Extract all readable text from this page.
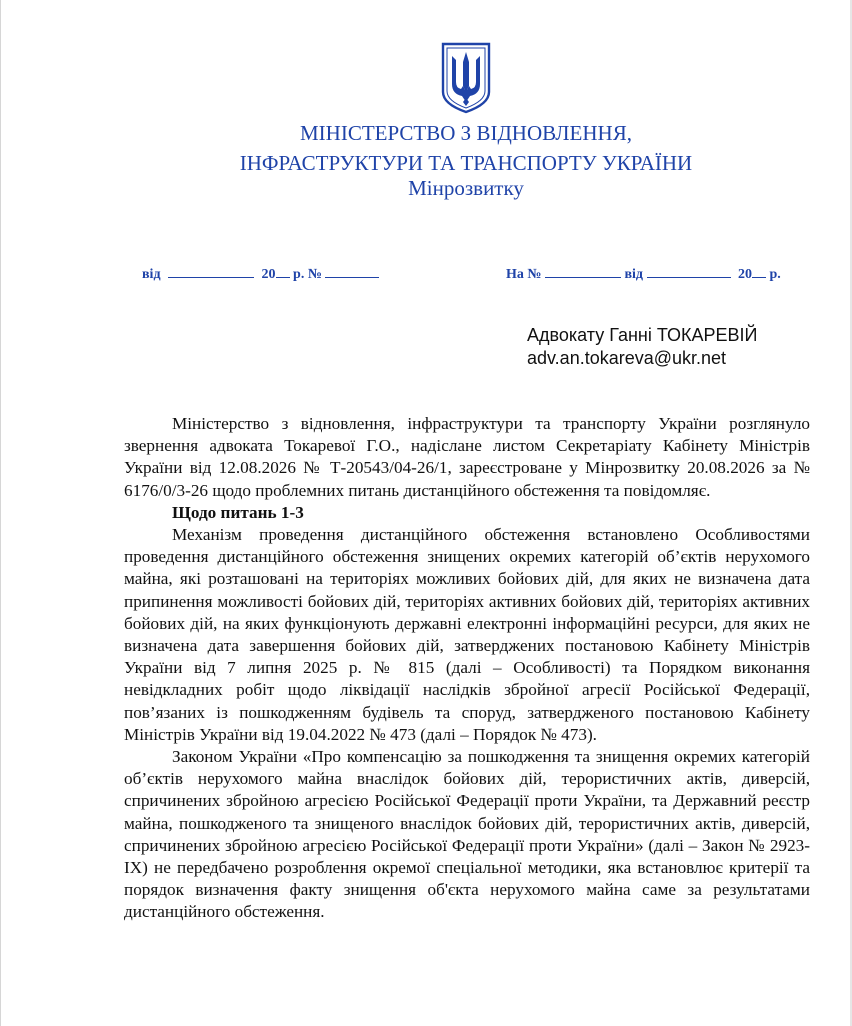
МІНІСТЕРСТВО З ВІДНОВЛЕННЯ,
ІНФРАСТРУКТУРИ ТА ТРАНСПОРТУ УКРАЇНИ
Мінрозвитку
від	20 р. №	На №	від	20 р.
Адвокату Ганні ТОКАРЕВІЙ
adv.an.tokareva@ukr.net

Міністерство з відновлення, інфраструктури та транспорту України розглянуло звернення адвоката Токаревої Г.О., надіслане листом Секретаріату Кабінету Міністрів України від 12.08.2026 № Т-20543/04-26/1, зареєстроване у Мінрозвитку 20.08.2026 за № 6176/0/3-26 щодо проблемних питань дистанційного обстеження та повідомляє.

Щодо питань 1-3

Механізм проведення дистанційного обстеження встановлено Особливостями проведення дистанційного обстеження знищених окремих категорій об’єктів нерухомого майна, які розташовані на територіях можливих бойових дій, для яких не визначена дата припинення можливості бойових дій, територіях активних бойових дій, територіях активних бойових дій, на яких функціонують державні електронні інформаційні ресурси, для яких не визначена дата завершення бойових дій, затверджених постановою Кабінету Міністрів України від 7 липня 2025 р. № 815 (далі – Особливості) та Порядком виконання невідкладних робіт щодо ліквідації наслідків збройної агресії Російської Федерації, пов’язаних із пошкодженням будівель та споруд, затвердженого постановою Кабінету Міністрів України від 19.04.2022 № 473 (далі – Порядок № 473).

Законом України «Про компенсацію за пошкодження та знищення окремих категорій об’єктів нерухомого майна внаслідок бойових дій, терористичних актів, диверсій, спричинених збройною агресією Російської Федерації проти України, та Державний реєстр майна, пошкодженого та знищеного внаслідок бойових дій, терористичних актів, диверсій, спричинених збройною агресією Російської Федерації проти України» (далі – Закон № 2923-IX) не передбачено розроблення окремої спеціальної методики, яка встановлює критерії та порядок визначення факту знищення об'єкта нерухомого майна саме за результатами дистанційного обстеження.
